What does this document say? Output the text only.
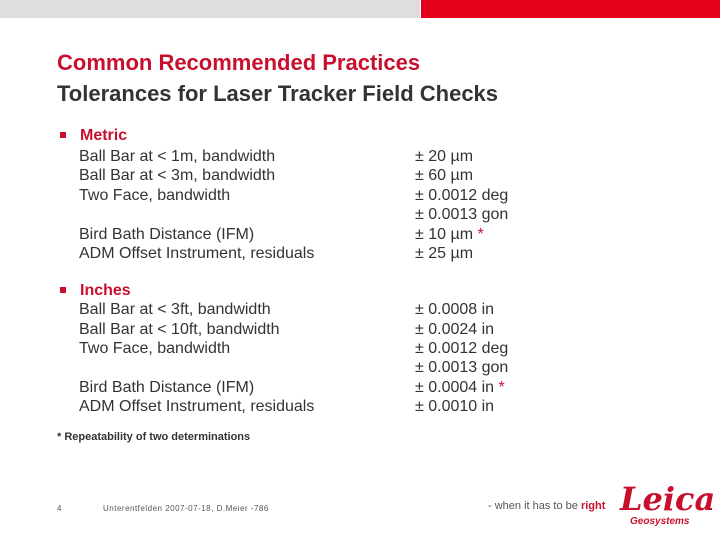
Common Recommended Practices
Tolerances for Laser Tracker Field Checks
Metric
Ball Bar at < 1m, bandwidth
Ball Bar at < 3m, bandwidth
Two Face, bandwidth
Bird Bath Distance (IFM)
ADM Offset Instrument, residuals
± 20 µm
± 60 µm
± 0.0012 deg
± 0.0013 gon
± 10 µm *
± 25 µm
Inches
Ball Bar at < 3ft, bandwidth
Ball Bar at < 10ft, bandwidth
Two Face, bandwidth
Bird Bath Distance (IFM)
ADM Offset Instrument, residuals
± 0.0008 in
± 0.0024 in
± 0.0012 deg
± 0.0013 gon
± 0.0004 in *
± 0.0010 in
* Repeatability of two determinations
4	Unterentfelden 2007-07-18, D.Meier -786	- when it has to be right Leica
Geosystems
